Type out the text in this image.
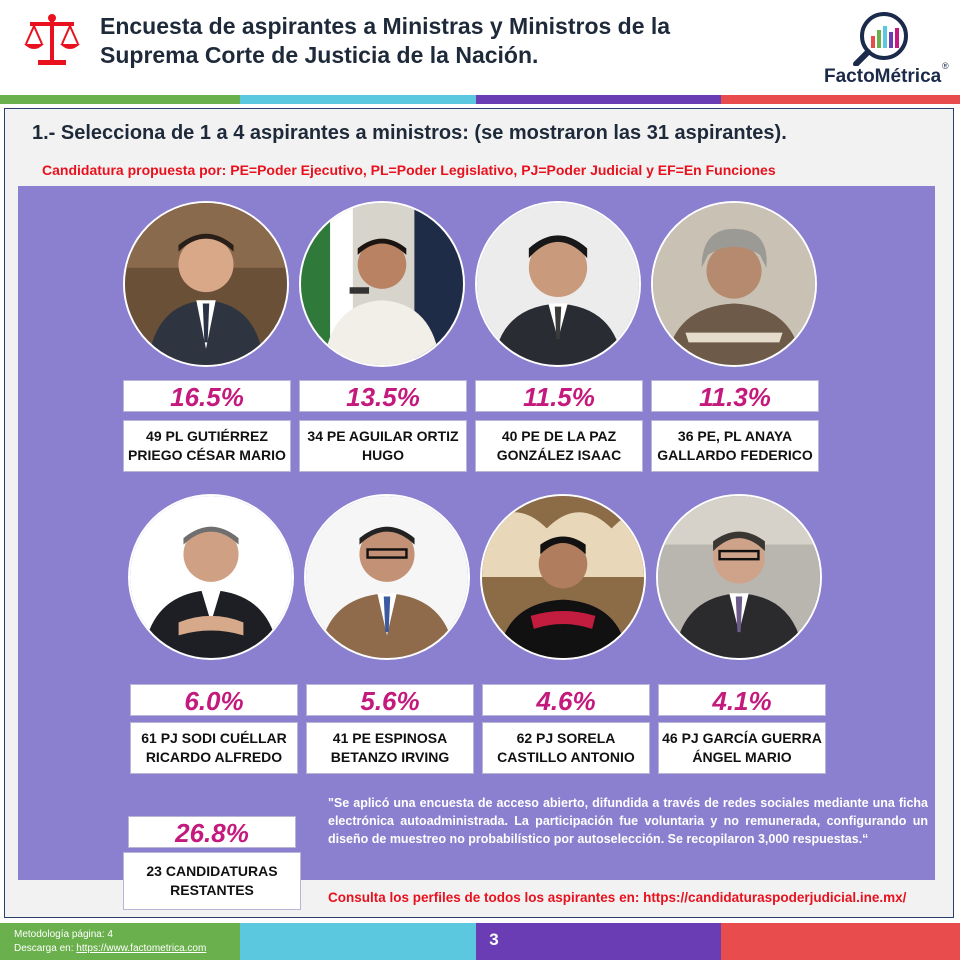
Encuesta de aspirantes a Ministras y Ministros de la
Suprema Corte de Justicia de la Nación.
FactoMétrica ®
1.- Selecciona de 1 a 4 aspirantes a ministros: (se mostraron las 31 aspirantes).
Candidatura propuesta por: PE=Poder Ejecutivo, PL=Poder Legislativo, PJ=Poder Judicial y EF=En Funciones
16.5%
49 PL GUTIÉRREZ PRIEGO CÉSAR MARIO
13.5%
34 PE AGUILAR ORTIZ HUGO
11.5%
40 PE DE LA PAZ GONZÁLEZ ISAAC
11.3%
36 PE, PL ANAYA GALLARDO FEDERICO
6.0%
61 PJ SODI CUÉLLAR RICARDO ALFREDO
5.6%
41 PE ESPINOSA BETANZO IRVING
4.6%
62 PJ SORELA CASTILLO ANTONIO
4.1%
46 PJ GARCÍA GUERRA ÁNGEL MARIO
26.8%
23 CANDIDATURAS RESTANTES
"Se aplicó una encuesta de acceso abierto, difundida a través de redes sociales mediante una ficha electrónica autoadministrada. La participación fue voluntaria y no remunerada, configurando un diseño de muestreo no probabilístico por autoselección. Se recopilaron 3,000 respuestas.“
Consulta los perfiles de todos los aspirantes en: https://candidaturaspoderjudicial.ine.mx/
Metodología página: 4
Descarga en: https://www.factometrica.com	3
